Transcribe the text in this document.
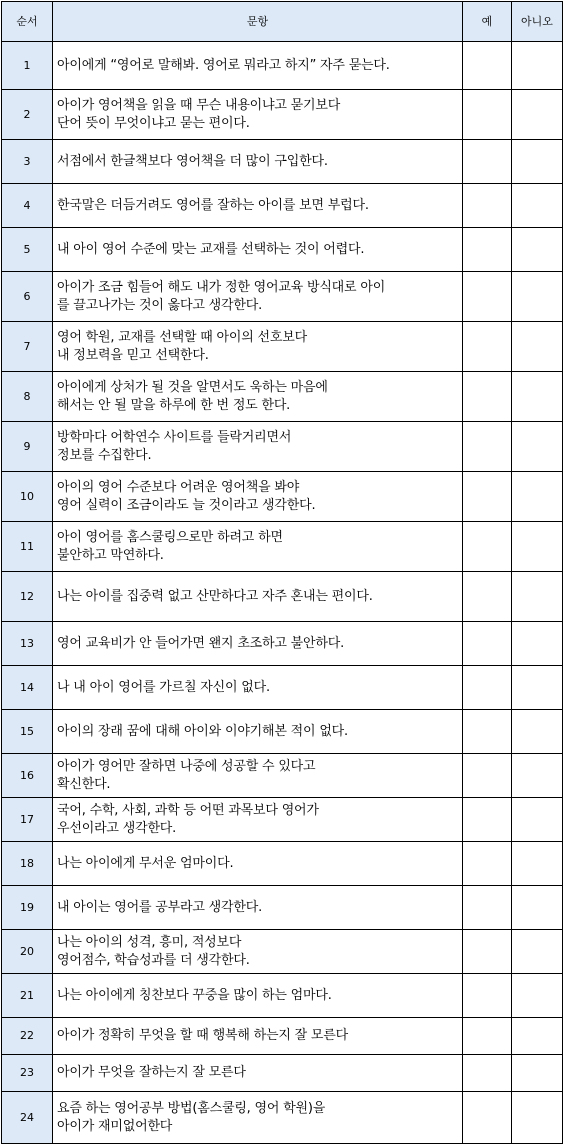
순서	문항	예	아니오
1	아이에게 “영어로 말해봐. 영어로 뭐라고 하지” 자주 묻는다.		

2	아이가 영어책을 읽을 때 무슨 내용이냐고 묻기보다
단어 뜻이 무엇이냐고 묻는 편이다.		

3	서점에서 한글책보다 영어책을 더 많이 구입한다.		

4	한국말은 더듬거려도 영어를 잘하는 아이를 보면 부럽다.		

5	내 아이 영어 수준에 맞는 교재를 선택하는 것이 어렵다.		

6	아이가 조금 힘들어 해도 내가 정한 영어교육 방식대로 아이
를 끌고나가는 것이 옳다고 생각한다.		

7	영어 학원, 교재를 선택할 때 아이의 선호보다
내 정보력을 믿고 선택한다.		

8	아이에게 상처가 될 것을 알면서도 욱하는 마음에
해서는 안 될 말을 하루에 한 번 정도 한다.		

9	방학마다 어학연수 사이트를 들락거리면서
정보를 수집한다.		

10	아이의 영어 수준보다 어려운 영어책을 봐야
영어 실력이 조금이라도 늘 것이라고 생각한다.		

11	아이 영어를 홈스쿨링으로만 하려고 하면
불안하고 막연하다.		

12	나는 아이를 집중력 없고 산만하다고 자주 혼내는 편이다.		

13	영어 교육비가 안 들어가면 왠지 초조하고 불안하다.		

14	나 내 아이 영어를 가르칠 자신이 없다.		

15	아이의 장래 꿈에 대해 아이와 이야기해본 적이 없다.		

16	아이가 영어만 잘하면 나중에 성공할 수 있다고
확신한다.		

17	국어, 수학, 사회, 과학 등 어떤 과목보다 영어가
우선이라고 생각한다.		

18	나는 아이에게 무서운 엄마이다.		

19	내 아이는 영어를 공부라고 생각한다.		

20	나는 아이의 성격, 흥미, 적성보다
영어점수, 학습성과를 더 생각한다.		

21	나는 아이에게 칭찬보다 꾸중을 많이 하는 엄마다.		

22	아이가 정확히 무엇을 할 때 행복해 하는지 잘 모른다		

23	아이가 무엇을 잘하는지 잘 모른다		

24	요즘 하는 영어공부 방법(홈스쿨링, 영어 학원)을
아이가 재미없어한다		
